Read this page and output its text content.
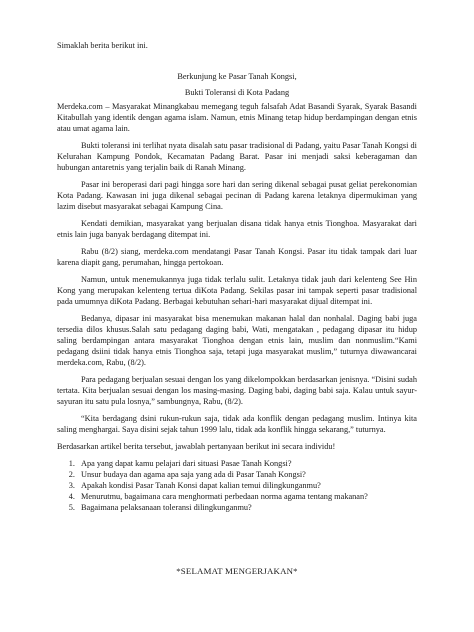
Simaklah berita berikut ini.
Berkunjung ke Pasar Tanah Kongsi,
Bukti Toleransi di Kota Padang

Merdeka.com – Masyarakat Minangkabau memegang teguh falsafah Adat Basandi Syarak, Syarak Basandi Kitabullah yang identik dengan agama islam. Namun, etnis Minang tetap hidup berdampingan dengan etnis atau umat agama lain.

Bukti toleransi ini terlihat nyata disalah satu pasar tradisional di Padang, yaitu Pasar Tanah Kongsi di Kelurahan Kampung Pondok, Kecamatan Padang Barat. Pasar ini menjadi saksi keberagaman dan hubungan antaretnis yang terjalin baik di Ranah Minang.

Pasar ini beroperasi dari pagi hingga sore hari dan sering dikenal sebagai pusat geliat perekonomian Kota Padang. Kawasan ini juga dikenal sebagai pecinan di Padang karena letaknya dipermukiman yang lazim disebut masyarakat sebagai Kampung Cina.

Kendati demikian, masyarakat yang berjualan disana tidak hanya etnis Tionghoa. Masyarakat dari etnis lain juga banyak berdagang ditempat ini.

Rabu (8/2) siang, merdeka.com mendatangi Pasar Tanah Kongsi. Pasar itu tidak tampak dari luar karena diapit gang, perumahan, hingga pertokoan.

Namun, untuk menemukannya juga tidak terlalu sulit. Letaknya tidak jauh dari kelenteng See Hin Kong yang merupakan kelenteng tertua diKota Padang. Sekilas pasar ini tampak seperti pasar tradisional pada umumnya diKota Padang. Berbagai kebutuhan sehari-hari masyarakat dijual ditempat ini.

Bedanya, dipasar ini masyarakat bisa menemukan makanan halal dan nonhalal. Daging babi juga tersedia dilos khusus.Salah satu pedagang daging babi, Wati, mengatakan , pedagang dipasar itu hidup saling berdampingan antara masyarakat Tionghoa dengan etnis lain, muslim dan nonmuslim.“Kami pedagang dsiini tidak hanya etnis Tionghoa saja, tetapi juga masyarakat muslim,” tuturnya diwawancarai merdeka.com, Rabu, (8/2).

Para pedagang berjualan sesuai dengan los yang dikelompokkan berdasarkan jenisnya. “Disini sudah tertata. Kita berjualan sesuai dengan los masing-masing. Daging babi, daging babi saja. Kalau untuk sayur-sayuran itu satu pula losnya,” sambungnya, Rabu, (8/2).

“Kita berdagang dsini rukun-rukun saja, tidak ada konflik dengan pedagang muslim. Intinya kita saling menghargai. Saya disini sejak tahun 1999 lalu, tidak ada konflik hingga sekarang,” tuturnya.

Berdasarkan artikel berita tersebut, jawablah pertanyaan berikut ini secara individu!

1. Apa yang dapat kamu pelajari dari situasi Pasae Tanah Kongsi?
2. Unsur budaya dan agama apa saja yang ada di Pasar Tanah Kongsi?
3. Apakah kondisi Pasar Tanah Konsi dapat kalian temui dilingkunganmu?
4. Menurutmu, bagaimana cara menghormati perbedaan norma agama tentang makanan?
5. Bagaimana pelaksanaan toleransi dilingkunganmu?
*SELAMAT MENGERJAKAN*
